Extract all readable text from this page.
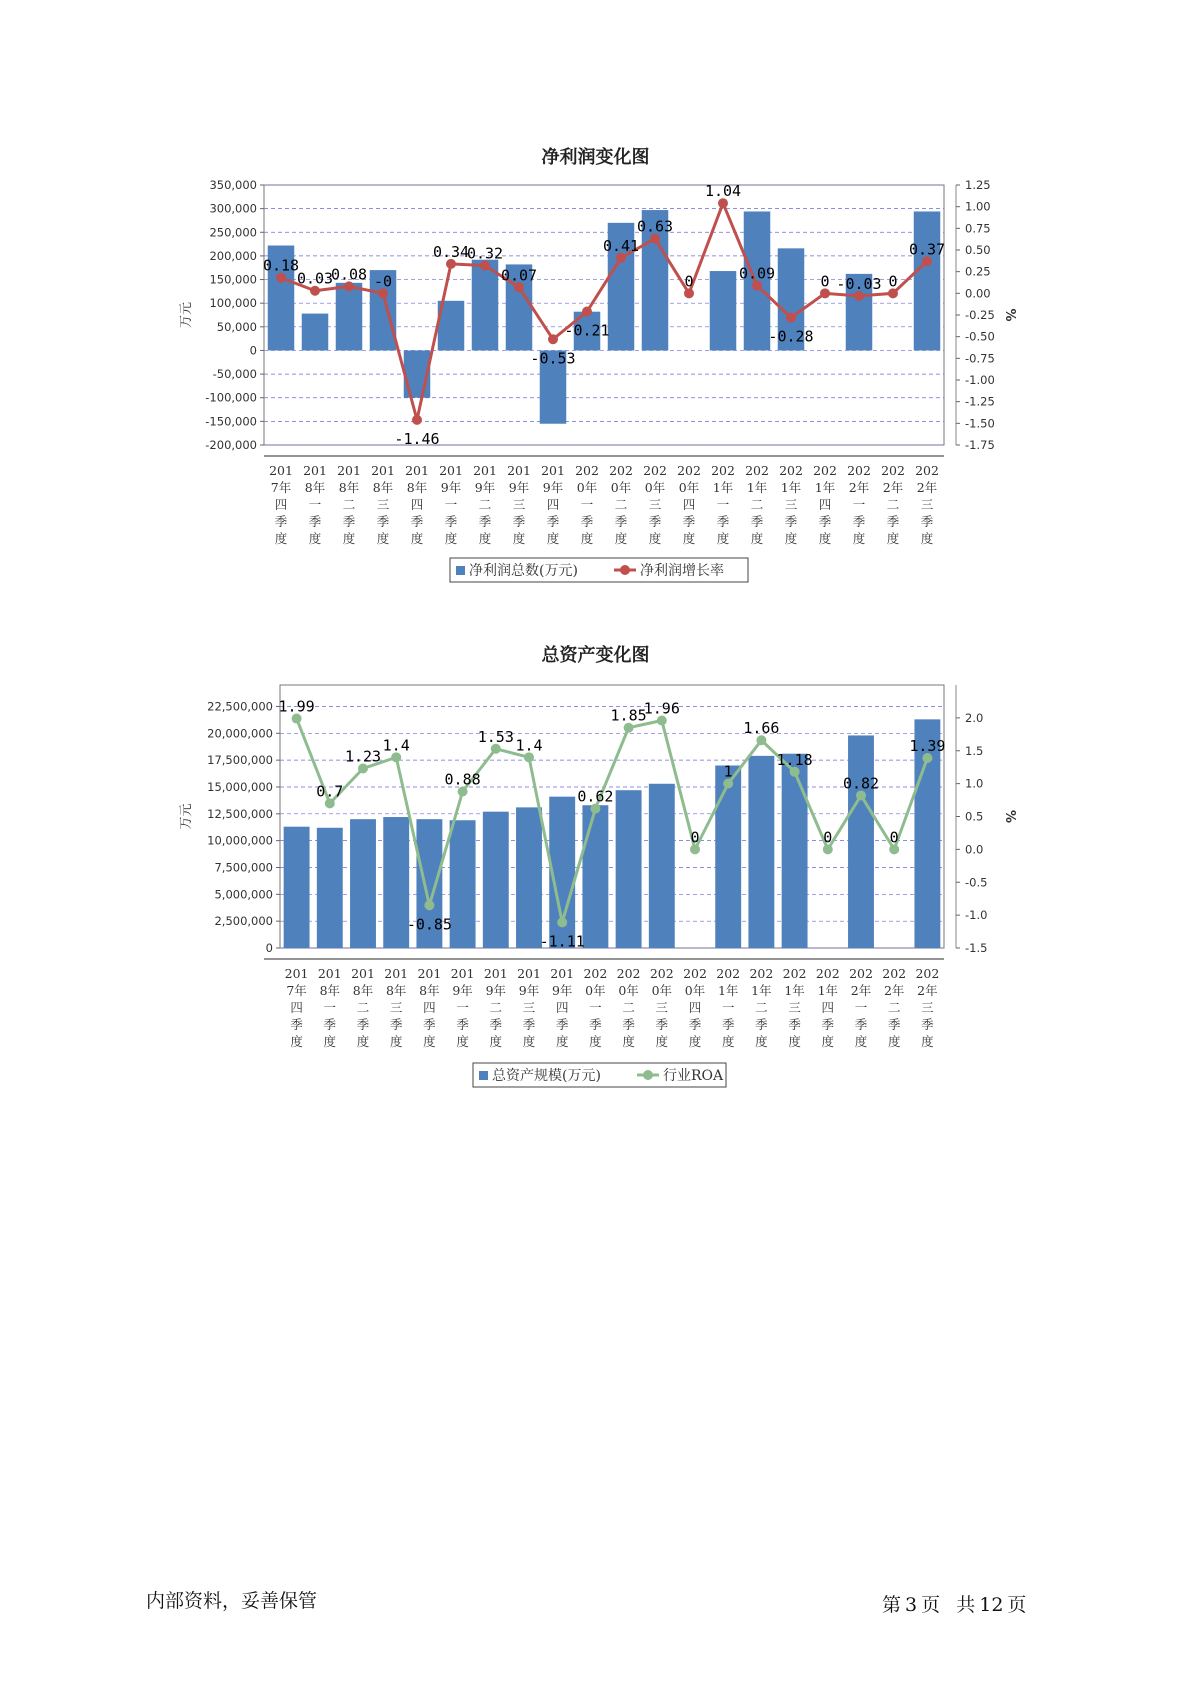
净利润变化图
350,000
300,000
250,000
200,000
150,000
100,000
50,000
0
-50,000
-100,000
-150,000
-200,000
1.25
1.00
0.75
0.50
0.25
0.00
-0.25
-0.50
-0.75
-1.00
-1.25
-1.50
-1.75
万元	%
0.18
0.03
0.08 -0
-1.46
0.34
0.32
0.07
-0.53
-0.21
0.41
0.63
0
1.04
0.09
-0.28
0 -0.03 0
0.37
201
7年
四
季
度
201
8年
一
季
度
201
8年
二
季
度
201
8年
三
季
度
201
8年
四
季
度
201
9年
一
季
度
201
9年
二
季
度
201
9年
三
季
度
201
9年
四
季
度
202
0年
一
季
度
202
0年
二
季
度
202
0年
三
季
度
202
0年
四
季
度
202
1年
一
季
度
202
1年
二
季
度
202
1年
三
季
度
202
1年
四
季
度
202
2年
一
季
度
202
2年
二
季
度
202
2年
三
季
度
净利润总数(万元)	净利润增长率
总资产变化图
22,500,000
20,000,000
17,500,000
15,000,000
12,500,000
10,000,000
7,500,000
5,000,000
2,500,000
0
2.0
1.5
1.0
0.5
0.0
-0.5
-1.0
-1.5
万元	%
1.99
0.7
1.23
1.4
-0.85
0.88
1.53 1.4
-1.11
0.62
1.85
1.96
0
1
1.66
1.18
0
0.82
0
1.39
201
7年
四
季
度
201
8年
一
季
度
201
8年
二
季
度
201
8年
三
季
度
201
8年
四
季
度
201
9年
一
季
度
201
9年
二
季
度
201
9年
三
季
度
201
9年
四
季
度
202
0年
一
季
度
202
0年
二
季
度
202
0年
三
季
度
202
0年
四
季
度
202
1年
一
季
度
202
1年
二
季
度
202
1年
三
季
度
202
1年
四
季
度
202
2年
一
季
度
202
2年
二
季
度
202
2年
三
季
度
总资产规模(万元)	行业ROA
内部资料，妥善保管	第 3 页 共 12 页
